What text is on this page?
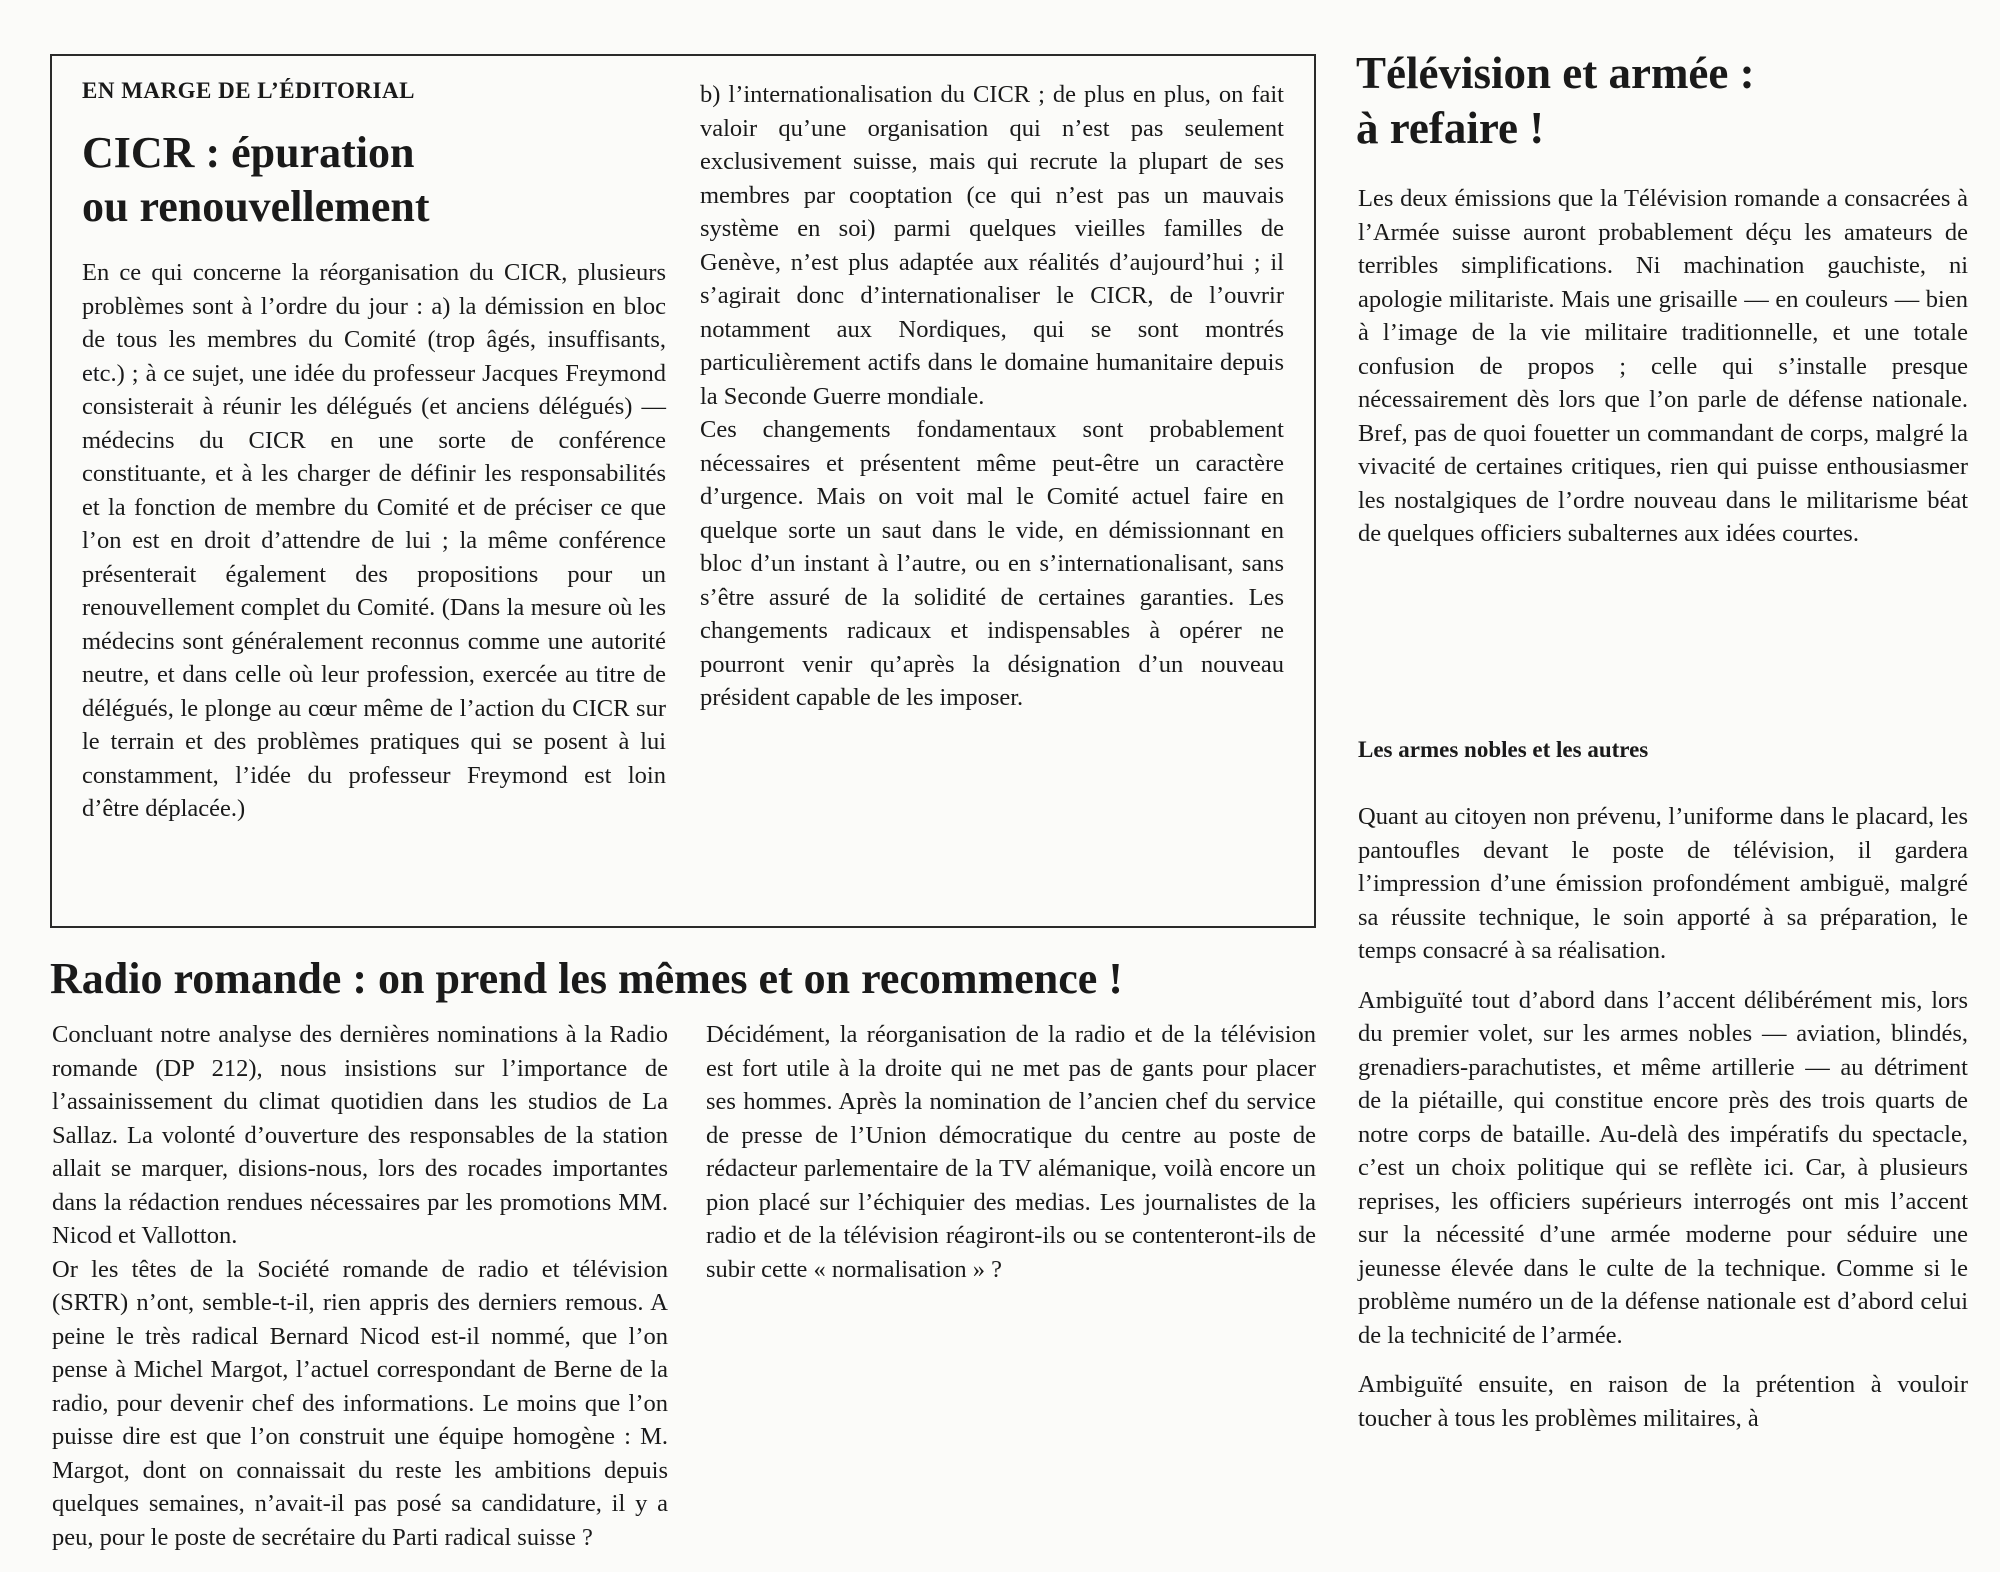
EN MARGE DE L’ÉDITORIAL
CICR : épuration
ou renouvellement

En ce qui concerne la réorganisation du CICR, plusieurs problèmes sont à l’ordre du jour : a) la démission en bloc de tous les membres du Comité (trop âgés, insuffisants, etc.) ; à ce sujet, une idée du professeur Jacques Freymond consisterait à réunir les délégués (et anciens délégués) — médecins du CICR en une sorte de conférence constituante, et à les charger de définir les responsabilités et la fonction de membre du Comité et de préciser ce que l’on est en droit d’attendre de lui ; la même conférence présenterait également des propositions pour un renouvellement complet du Comité. (Dans la mesure où les médecins sont généralement reconnus comme une autorité neutre, et dans celle où leur profession, exercée au titre de délégués, le plonge au cœur même de l’action du CICR sur le terrain et des problèmes pratiques qui se posent à lui constamment, l’idée du professeur Freymond est loin d’être déplacée.)

b) l’internationalisation du CICR ; de plus en plus, on fait valoir qu’une organisation qui n’est pas seulement exclusivement suisse, mais qui recrute la plupart de ses membres par cooptation (ce qui n’est pas un mauvais système en soi) parmi quelques vieilles familles de Genève, n’est plus adaptée aux réalités d’aujourd’hui ; il s’agirait donc d’internationaliser le CICR, de l’ouvrir notamment aux Nordiques, qui se sont montrés particulièrement actifs dans le domaine humanitaire depuis la Seconde Guerre mondiale.

Ces changements fondamentaux sont probablement nécessaires et présentent même peut-être un caractère d’urgence. Mais on voit mal le Comité actuel faire en quelque sorte un saut dans le vide, en démissionnant en bloc d’un instant à l’autre, ou en s’internationalisant, sans s’être assuré de la solidité de certaines garanties. Les changements radicaux et indispensables à opérer ne pourront venir qu’après la désignation d’un nouveau président capable de les imposer.

Radio romande : on prend les mêmes et on recommence !

Concluant notre analyse des dernières nominations à la Radio romande (DP 212), nous insistions sur l’importance de l’assainissement du climat quotidien dans les studios de La Sallaz. La volonté d’ouverture des responsables de la station allait se marquer, disions-nous, lors des rocades importantes dans la rédaction rendues nécessaires par les promotions MM. Nicod et Vallotton.

Or les têtes de la Société romande de radio et télévision (SRTR) n’ont, semble-t-il, rien appris des derniers remous. A peine le très radical Bernard Nicod est-il nommé, que l’on pense à Michel Margot, l’actuel correspondant de Berne de la radio, pour devenir chef des informations. Le moins que l’on puisse dire est que l’on construit une équipe homogène : M. Margot, dont on connaissait du reste les ambitions depuis quelques semaines, n’avait-il pas posé sa candidature, il y a peu, pour le poste de secrétaire du Parti radical suisse ?

Décidément, la réorganisation de la radio et de la télévision est fort utile à la droite qui ne met pas de gants pour placer ses hommes. Après la nomination de l’ancien chef du service de presse de l’Union démocratique du centre au poste de rédacteur parlementaire de la TV alémanique, voilà encore un pion placé sur l’échiquier des medias. Les journalistes de la radio et de la télévision réagiront-ils ou se contenteront-ils de subir cette « normalisation » ?

Télévision et armée :
à refaire !

Les deux émissions que la Télévision romande a consacrées à l’Armée suisse auront probablement déçu les amateurs de terribles simplifications. Ni machination gauchiste, ni apologie militariste. Mais une grisaille — en couleurs — bien à l’image de la vie militaire traditionnelle, et une totale confusion de propos ; celle qui s’installe presque nécessairement dès lors que l’on parle de défense nationale. Bref, pas de quoi fouetter un commandant de corps, malgré la vivacité de certaines critiques, rien qui puisse enthousiasmer les nostalgiques de l’ordre nouveau dans le militarisme béat de quelques officiers subalternes aux idées courtes.

Les armes nobles et les autres

Quant au citoyen non prévenu, l’uniforme dans le placard, les pantoufles devant le poste de télévision, il gardera l’impression d’une émission profondément ambiguë, malgré sa réussite technique, le soin apporté à sa préparation, le temps consacré à sa réalisation.

Ambiguïté tout d’abord dans l’accent délibérément mis, lors du premier volet, sur les armes nobles — aviation, blindés, grenadiers-parachutistes, et même artillerie — au détriment de la piétaille, qui constitue encore près des trois quarts de notre corps de bataille. Au-delà des impératifs du spectacle, c’est un choix politique qui se reflète ici. Car, à plusieurs reprises, les officiers supérieurs interrogés ont mis l’accent sur la nécessité d’une armée moderne pour séduire une jeunesse élevée dans le culte de la technique. Comme si le problème numéro un de la défense nationale est d’abord celui de la technicité de l’armée.

Ambiguïté ensuite, en raison de la prétention à vouloir toucher à tous les problèmes militaires, à
